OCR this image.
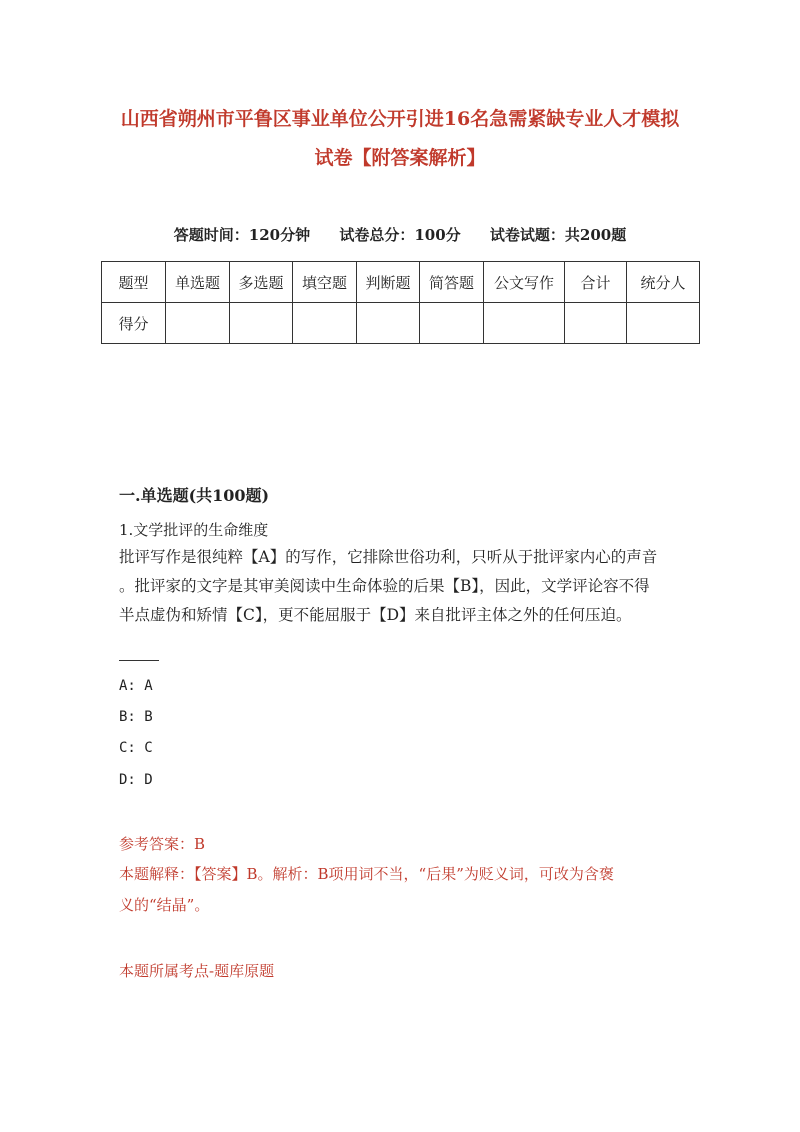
山西省朔州市平鲁区事业单位公开引进16名急需紧缺专业人才模拟
试卷【附答案解析】
答题时间：120分钟 试卷总分：100分 试卷试题：共200题
题型	单选题	多选题	填空题	判断题	简答题	公文写作	合计	统分人
得分								
一.单选题(共100题)
1.文学批评的生命维度
批评写作是很纯粹【A】的写作，它排除世俗功利，只听从于批评家内心的声音
。批评家的文字是其审美阅读中生命体验的后果【B】，因此，文学评论容不得
半点虚伪和矫情【C】，更不能屈服于【D】来自批评主体之外的任何压迫。
A: A
B: B
C: C
D: D
参考答案：B
本题解释：【答案】B。解析：B项用词不当，“后果”为贬义词，可改为含褒
义的“结晶”。
本题所属考点-题库原题
